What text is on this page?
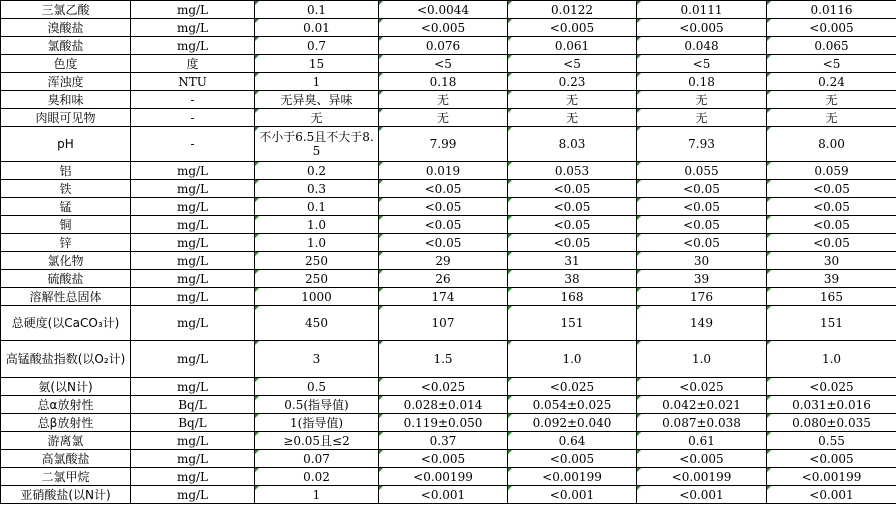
三氯乙酸	mg/L	0.1	<0.0044	0.0122	0.0111	0.0116
溴酸盐	mg/L	0.01	<0.005	<0.005	<0.005	<0.005
氯酸盐	mg/L	0.7	0.076	0.061	0.048	0.065
色度	度	15	<5	<5	<5	<5
浑浊度	NTU	1	0.18	0.23	0.18	0.24
臭和味	-	无异臭、异味	无	无	无	无
肉眼可见物	-	无	无	无	无	无
pH	-	不小于6.5且不大于8.5	7.99	8.03	7.93	8.00
铝	mg/L	0.2	0.019	0.053	0.055	0.059
铁	mg/L	0.3	<0.05	<0.05	<0.05	<0.05
锰	mg/L	0.1	<0.05	<0.05	<0.05	<0.05
铜	mg/L	1.0	<0.05	<0.05	<0.05	<0.05
锌	mg/L	1.0	<0.05	<0.05	<0.05	<0.05
氯化物	mg/L	250	29	31	30	30
硫酸盐	mg/L	250	26	38	39	39
溶解性总固体	mg/L	1000	174	168	176	165
总硬度(以CaCO₃计)	mg/L	450	107	151	149	151
高锰酸盐指数(以O₂计)	mg/L	3	1.5	1.0	1.0	1.0
氨(以N计)	mg/L	0.5	<0.025	<0.025	<0.025	<0.025
总α放射性	Bq/L	0.5(指导值)	0.028±0.014	0.054±0.025	0.042±0.021	0.031±0.016
总β放射性	Bq/L	1(指导值)	0.119±0.050	0.092±0.040	0.087±0.038	0.080±0.035
游离氯	mg/L	≥0.05且≤2	0.37	0.64	0.61	0.55
高氯酸盐	mg/L	0.07	<0.005	<0.005	<0.005	<0.005
二氯甲烷	mg/L	0.02	<0.00199	<0.00199	<0.00199	<0.00199
亚硝酸盐(以N计)	mg/L	1	<0.001	<0.001	<0.001	<0.001
